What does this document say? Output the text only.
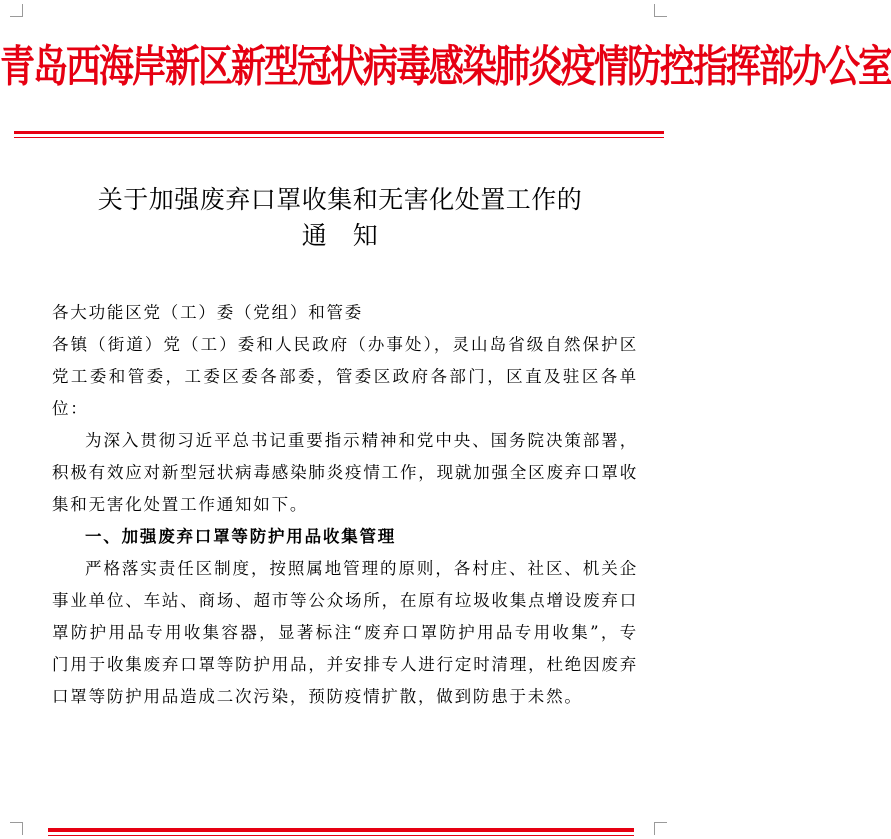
青岛西海岸新区新型冠状病毒感染肺炎疫情防控指挥部办公室
关于加强废弃口罩收集和无害化处置工作的
通　知

各大功能区党（工）委（党组）和管委

各镇（街道）党（工）委和人民政府（办事处），灵山岛省级自然保护区党工委和管委，工委区委各部委，管委区政府各部门，区直及驻区各单位：

为深入贯彻习近平总书记重要指示精神和党中央、国务院决策部署，积极有效应对新型冠状病毒感染肺炎疫情工作，现就加强全区废弃口罩收集和无害化处置工作通知如下。

一、加强废弃口罩等防护用品收集管理

严格落实责任区制度，按照属地管理的原则，各村庄、社区、机关企事业单位、车站、商场、超市等公众场所，在原有垃圾收集点增设废弃口罩防护用品专用收集容器，显著标注“废弃口罩防护用品专用收集”，专门用于收集废弃口罩等防护用品，并安排专人进行定时清理，杜绝因废弃口罩等防护用品造成二次污染，预防疫情扩散，做到防患于未然。
